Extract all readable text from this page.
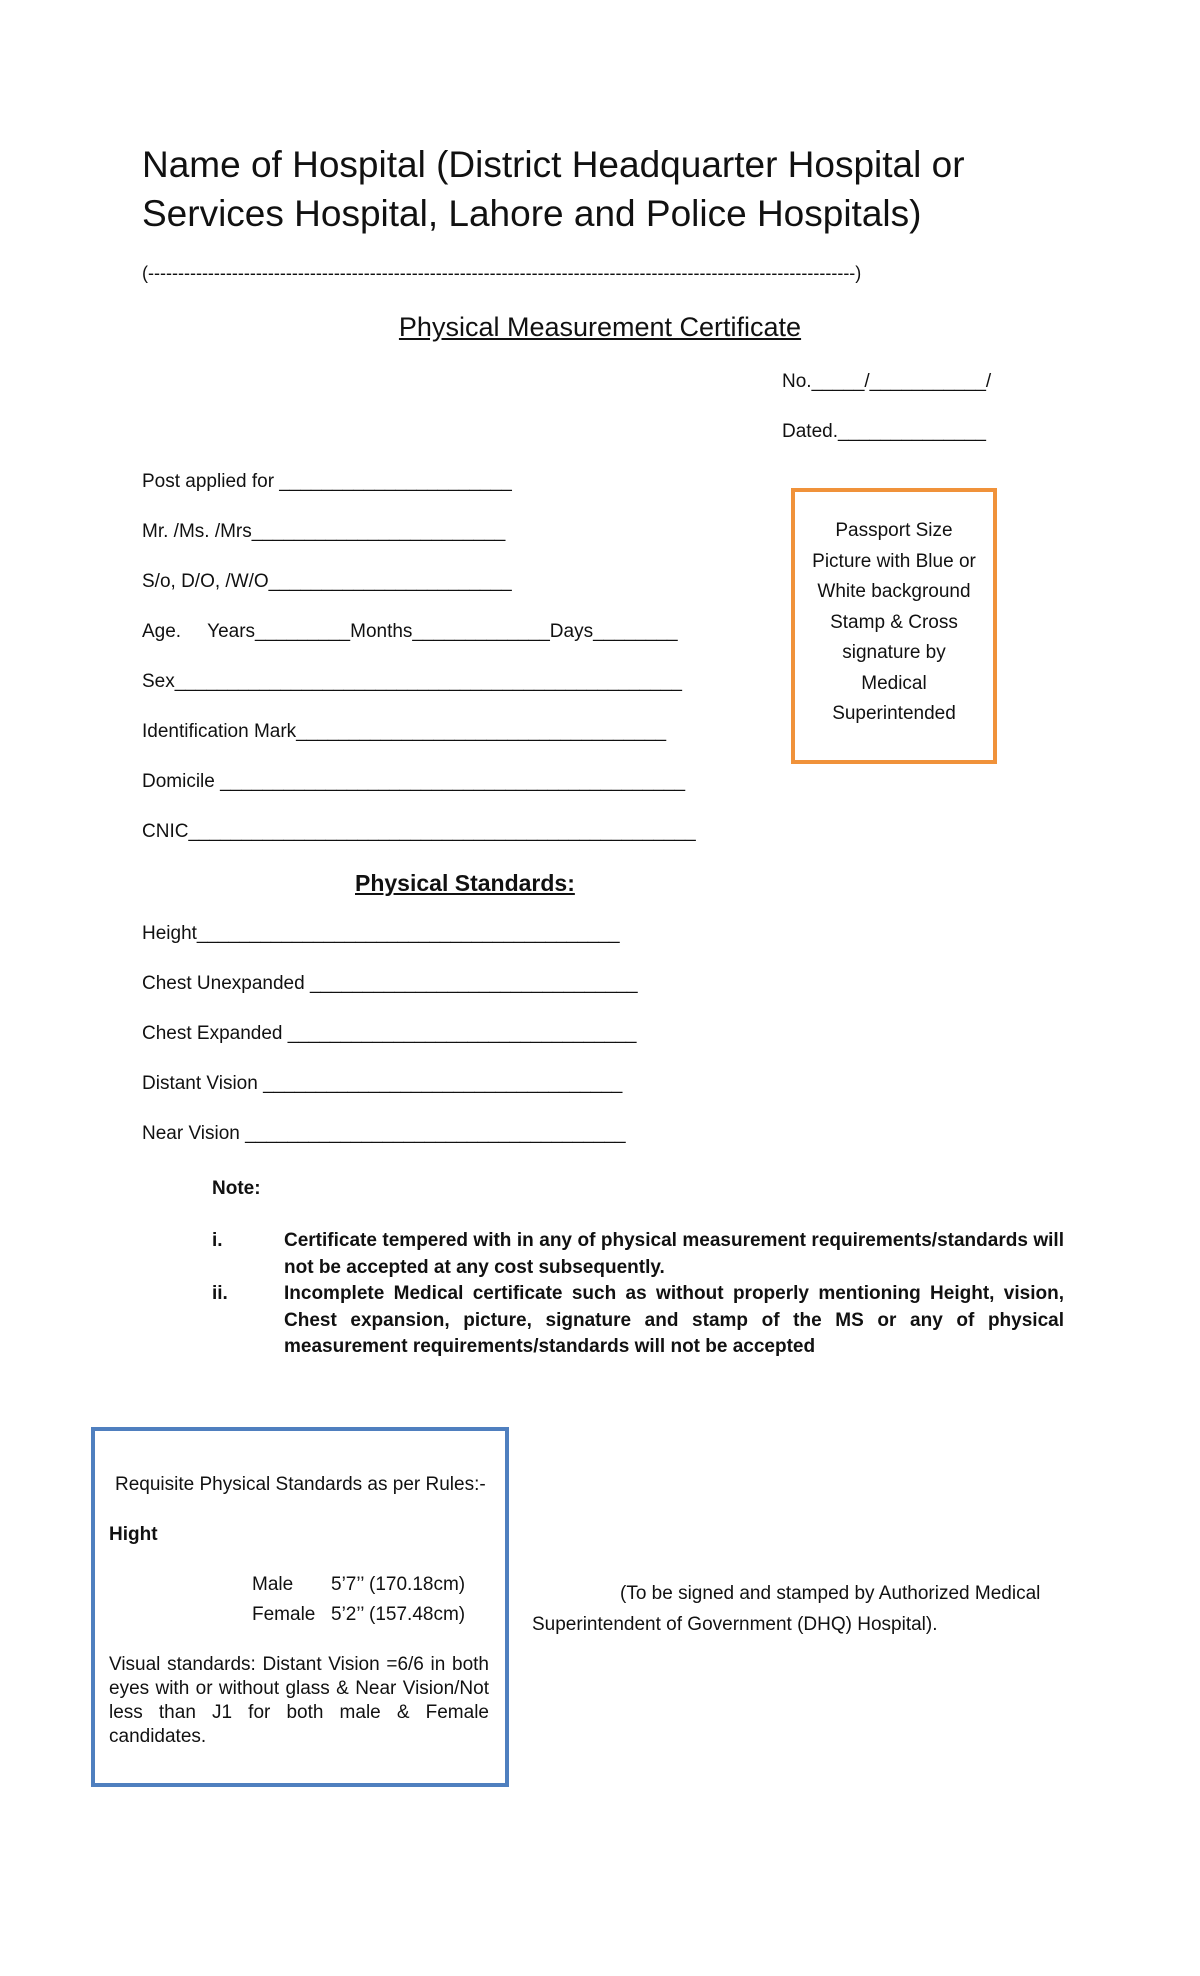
Name of Hospital (District Headquarter Hospital or
Services Hospital, Lahore and Police Hospitals)
(----------------------------------------------------------------------------------------------------------------------)
Physical Measurement Certificate
No._____/___________/
Dated.______________
Passport Size
Picture with Blue or
White background
Stamp & Cross
signature by
Medical
Superintended
Post applied for ______________________
Mr. /Ms. /Mrs________________________
S/o, D/O, /W/O_______________________
Age.     Years_________Months_____________Days________
Sex________________________________________________
Identification Mark___________________________________
Domicile ____________________________________________
CNIC________________________________________________
Physical Standards:
Height________________________________________
Chest Unexpanded _______________________________
Chest Expanded _________________________________
Distant Vision __________________________________
Near Vision ____________________________________
Note:
i.	Certificate tempered with in any of physical measurement requirements/standards will not be accepted at any cost subsequently.
ii.	Incomplete Medical certificate such as without properly mentioning Height, vision, Chest expansion, picture, signature and stamp of the MS or any of physical measurement requirements/standards will not be accepted
Requisite Physical Standards as per Rules:-
Hight
Male 5’7’’ (170.18cm)
Female 5’2’’ (157.48cm)
Visual standards: Distant Vision =6/6 in both eyes with or without glass & Near Vision/Not less than J1 for both male & Female candidates.
(To be signed and stamped by Authorized Medical Superintendent of Government (DHQ) Hospital).
